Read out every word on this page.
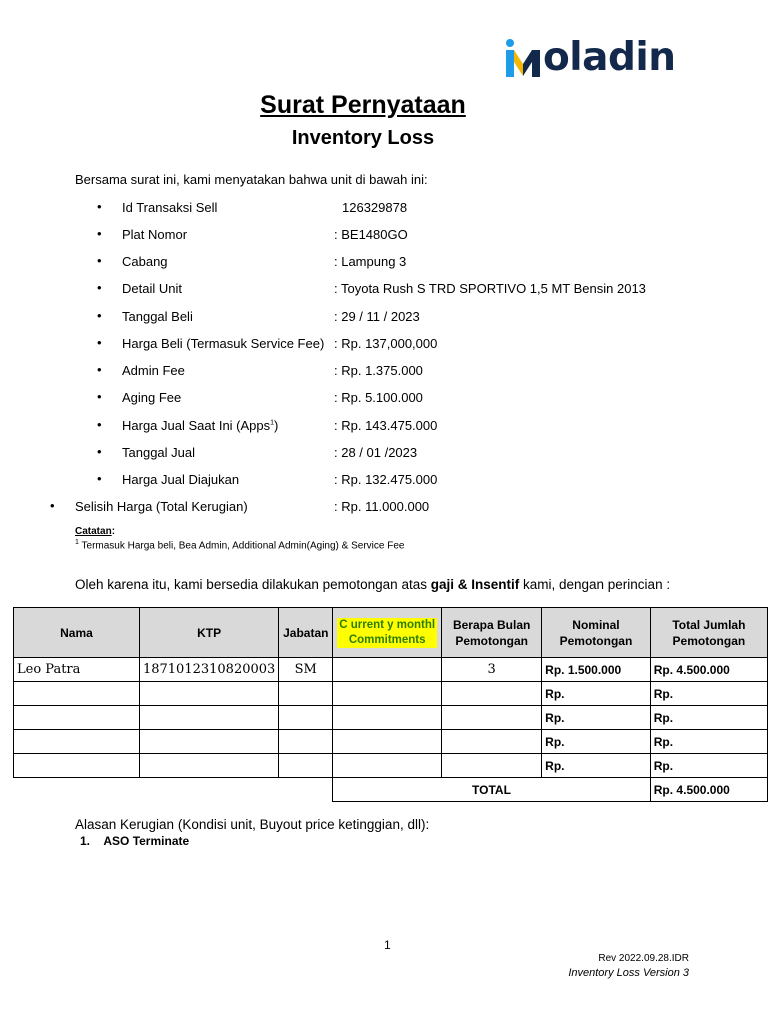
oladin
Surat Pernyataan
Inventory Loss
Bersama surat ini, kami menyatakan bahwa unit di bawah ini:
• Id Transaksi Sell	126329878
• Plat Nomor	: BE1480GO
• Cabang	: Lampung 3
• Detail Unit	: Toyota Rush S TRD SPORTIVO 1,5 MT Bensin 2013
• Tanggal Beli	: 29 / 11 / 2023
• Harga Beli (Termasuk Service Fee) : Rp. 137,000,000
• Admin Fee	: Rp. 1.375.000
• Aging Fee	: Rp. 5.100.000
• Harga Jual Saat Ini (Apps$^1$)	: Rp. 143.475.000
• Tanggal Jual	: 28 / 01 /2023
• Harga Jual Diajukan	: Rp. 132.475.000
• Selisih Harga (Total Kerugian)	: Rp. 11.000.000
Catatan:
$^1$ Termasuk Harga beli, Bea Admin, Additional Admin(Aging) & Service Fee
Oleh karena itu, kami bersedia dilakukan pemotongan atas gaji & Insentif kami, dengan perincian :
Nama	KTP	Jabatan	C urrent y monthl Commitments	Berapa Bulan Pemotongan	Nominal Pemotongan	Total Jumlah Pemotongan
Leo Patra	1871012310820003	SM		3	Rp. 1.500.000	Rp. 4.500.000
					Rp.	Rp.
					Rp.	Rp.
					Rp.	Rp.
					Rp.	Rp.
			TOTAL			Rp. 4.500.000
Alasan Kerugian (Kondisi unit, Buyout price ketinggian, dll):
1. ASO Terminate
1
Rev 2022.09.28.IDR
Inventory Loss Version 3
